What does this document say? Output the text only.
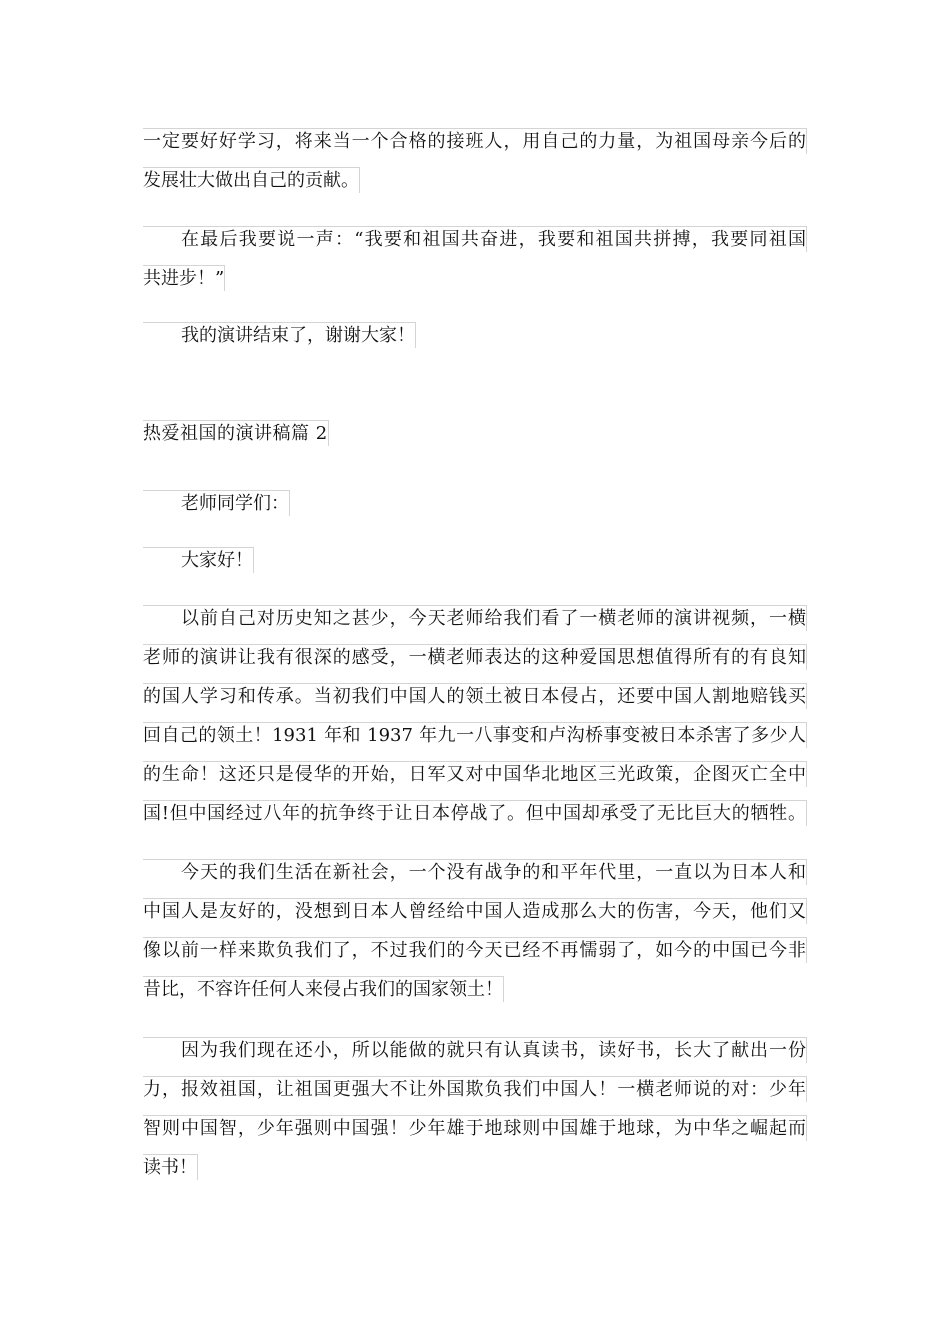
一定要好好学习，将来当一个合格的接班人，用自己的力量，为祖国母亲今后的
发展壮大做出自己的贡献。
在最后我要说一声：“我要和祖国共奋进，我要和祖国共拼搏，我要同祖国
共进步！”
我的演讲结束了，谢谢大家！
热爱祖国的演讲稿篇 2
老师同学们：
大家好！
以前自己对历史知之甚少，今天老师给我们看了一横老师的演讲视频，一横
老师的演讲让我有很深的感受，一横老师表达的这种爱国思想值得所有的有良知
的国人学习和传承。当初我们中国人的领土被日本侵占，还要中国人割地赔钱买
回自己的领土！1931 年和 1937 年九一八事变和卢沟桥事变被日本杀害了多少人
的生命！这还只是侵华的开始，日军又对中国华北地区三光政策，企图灭亡全中
国!但中国经过八年的抗争终于让日本停战了。但中国却承受了无比巨大的牺牲。
今天的我们生活在新社会，一个没有战争的和平年代里，一直以为日本人和
中国人是友好的，没想到日本人曾经给中国人造成那么大的伤害，今天，他们又
像以前一样来欺负我们了，不过我们的今天已经不再懦弱了，如今的中国已今非
昔比，不容许任何人来侵占我们的国家领土！
因为我们现在还小，所以能做的就只有认真读书，读好书，长大了献出一份
力，报效祖国，让祖国更强大不让外国欺负我们中国人！一横老师说的对：少年
智则中国智，少年强则中国强！少年雄于地球则中国雄于地球，为中华之崛起而
读书！
